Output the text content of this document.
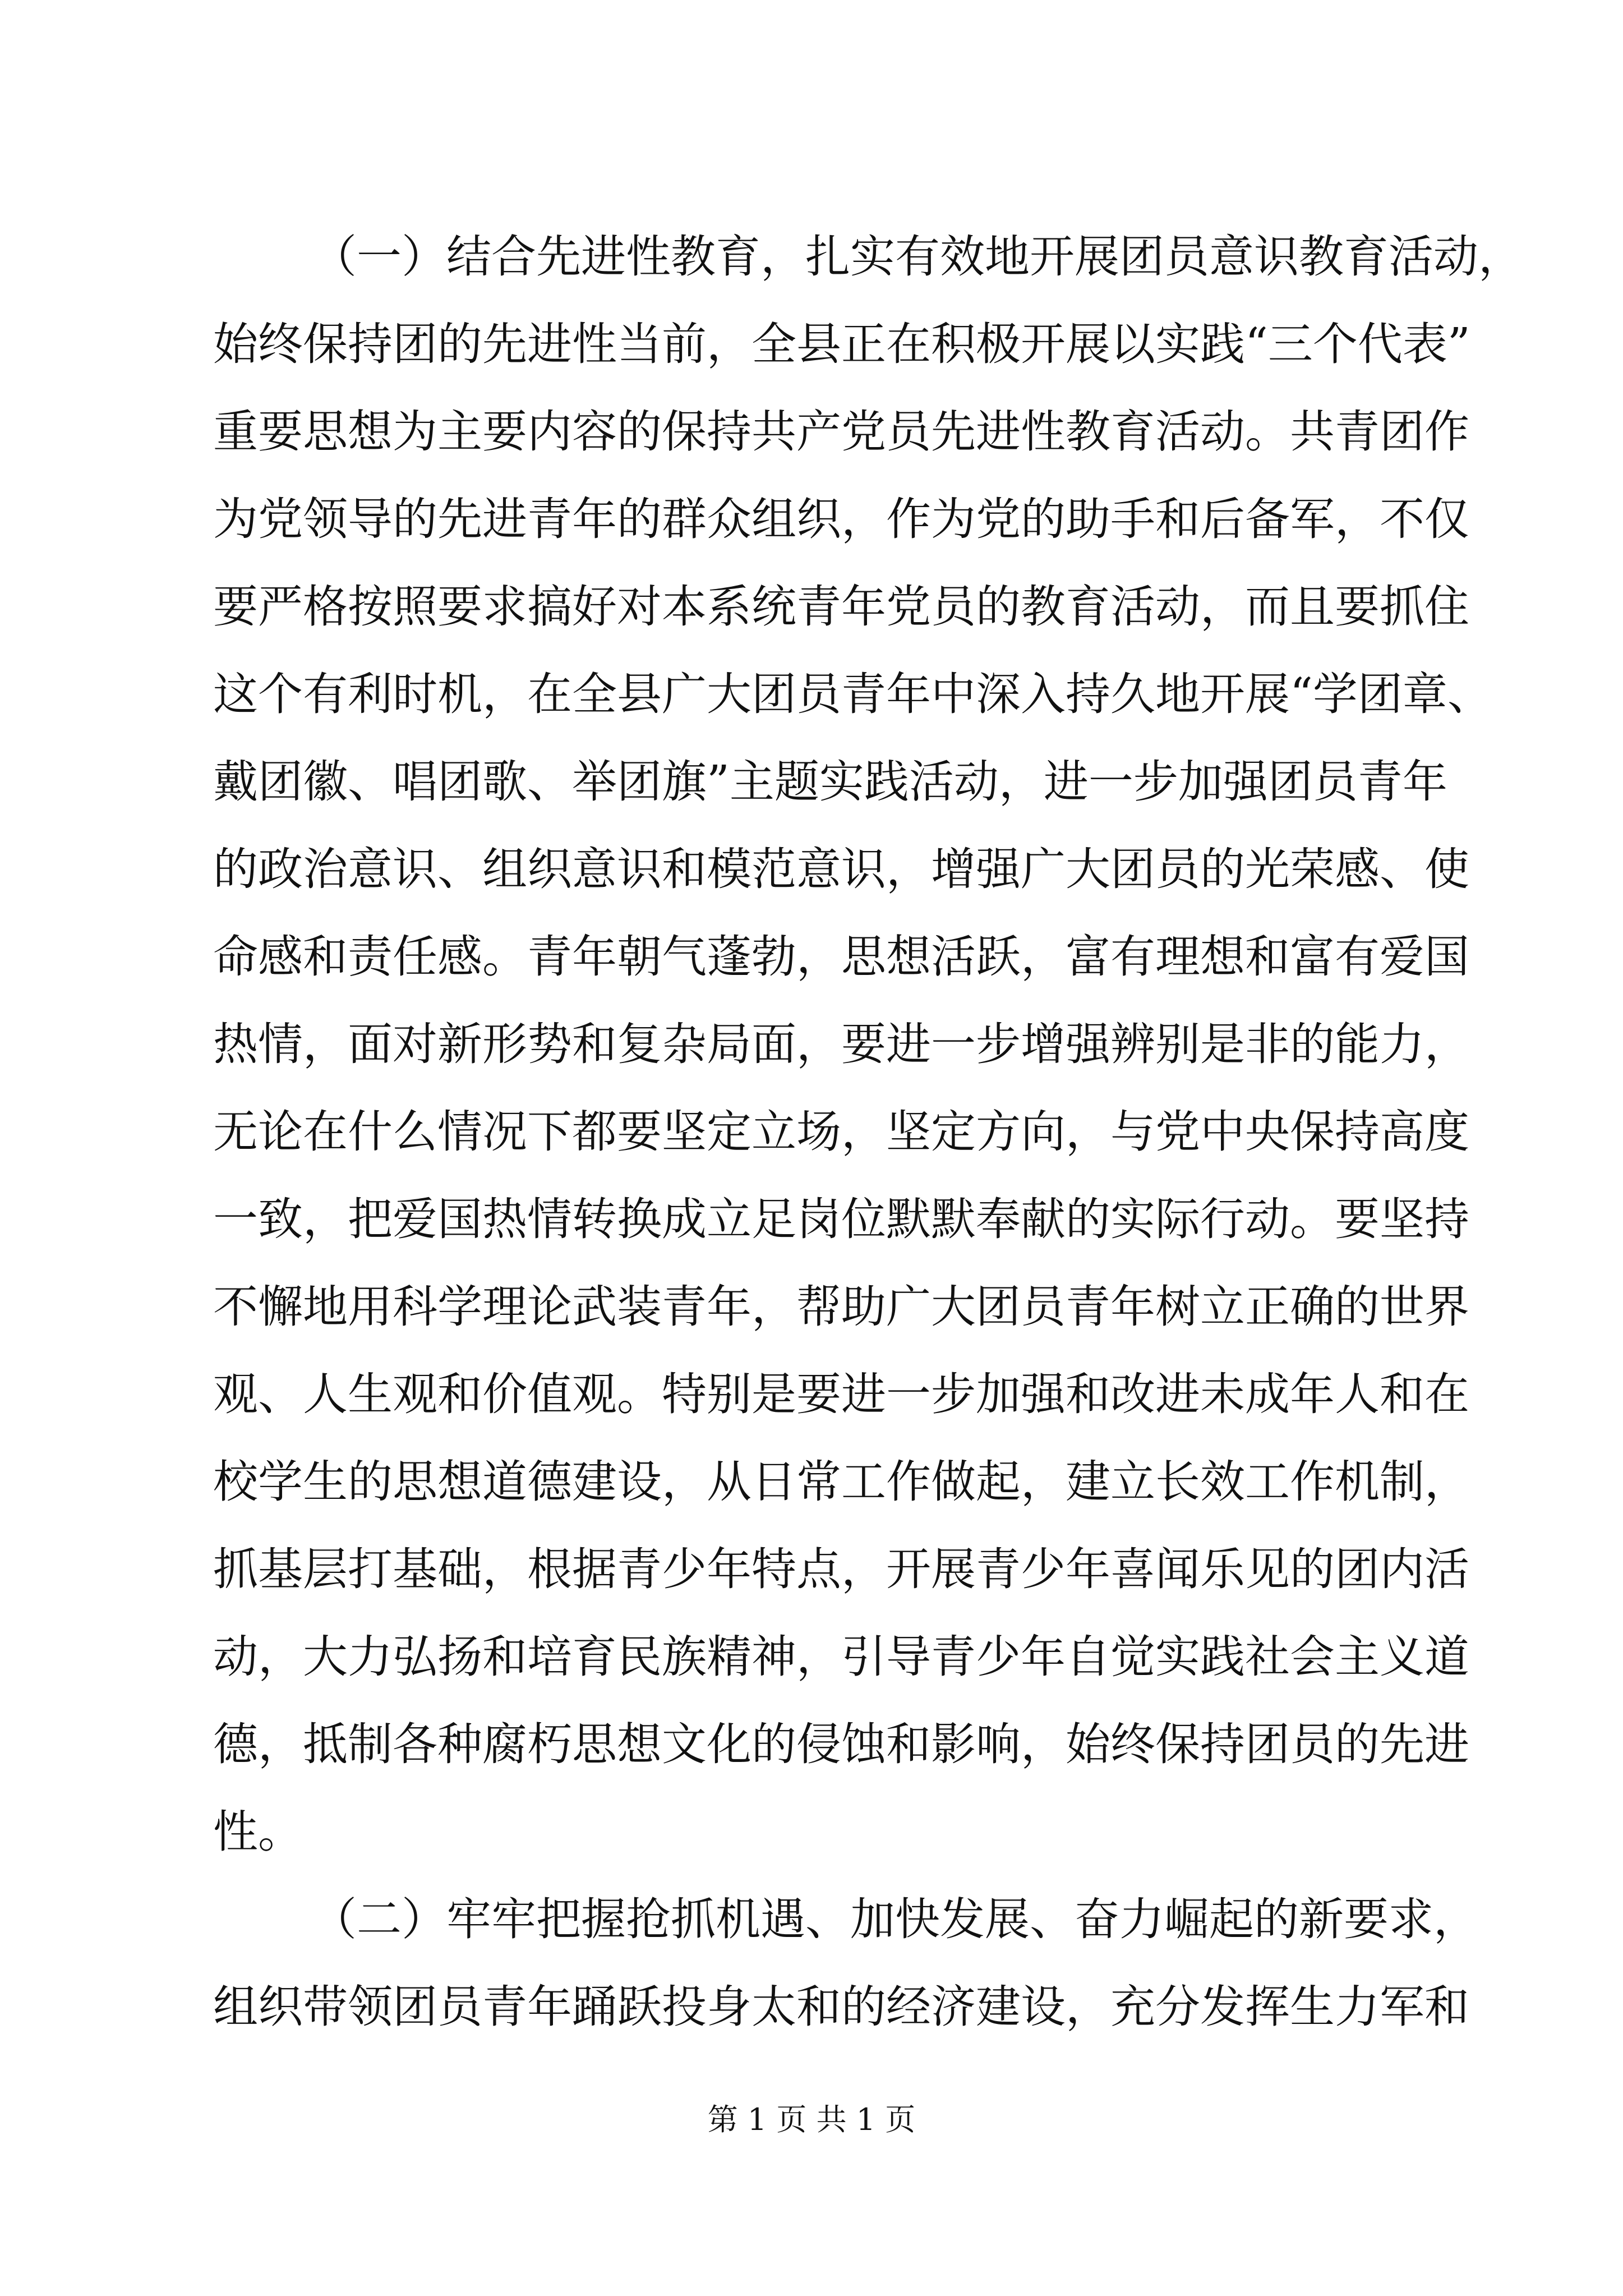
（一）结合先进性教育，扎实有效地开展团员意识教育活动，
始终保持团的先进性当前，全县正在积极开展以实践“三个代表”
重要思想为主要内容的保持共产党员先进性教育活动。共青团作
为党领导的先进青年的群众组织，作为党的助手和后备军，不仅
要严格按照要求搞好对本系统青年党员的教育活动，而且要抓住
这个有利时机，在全县广大团员青年中深入持久地开展“学团章、
戴团徽、唱团歌、举团旗”主题实践活动，进一步加强团员青年
的政治意识、组织意识和模范意识，增强广大团员的光荣感、使
命感和责任感。青年朝气蓬勃，思想活跃，富有理想和富有爱国
热情，面对新形势和复杂局面，要进一步增强辨别是非的能力，
无论在什么情况下都要坚定立场，坚定方向，与党中央保持高度
一致，把爱国热情转换成立足岗位默默奉献的实际行动。要坚持
不懈地用科学理论武装青年，帮助广大团员青年树立正确的世界
观、人生观和价值观。特别是要进一步加强和改进未成年人和在
校学生的思想道德建设，从日常工作做起，建立长效工作机制，
抓基层打基础，根据青少年特点，开展青少年喜闻乐见的团内活
动，大力弘扬和培育民族精神，引导青少年自觉实践社会主义道
德，抵制各种腐朽思想文化的侵蚀和影响，始终保持团员的先进
性。
（二）牢牢把握抢抓机遇、加快发展、奋力崛起的新要求，
组织带领团员青年踊跃投身太和的经济建设，充分发挥生力军和
第 1 页 共 1 页
